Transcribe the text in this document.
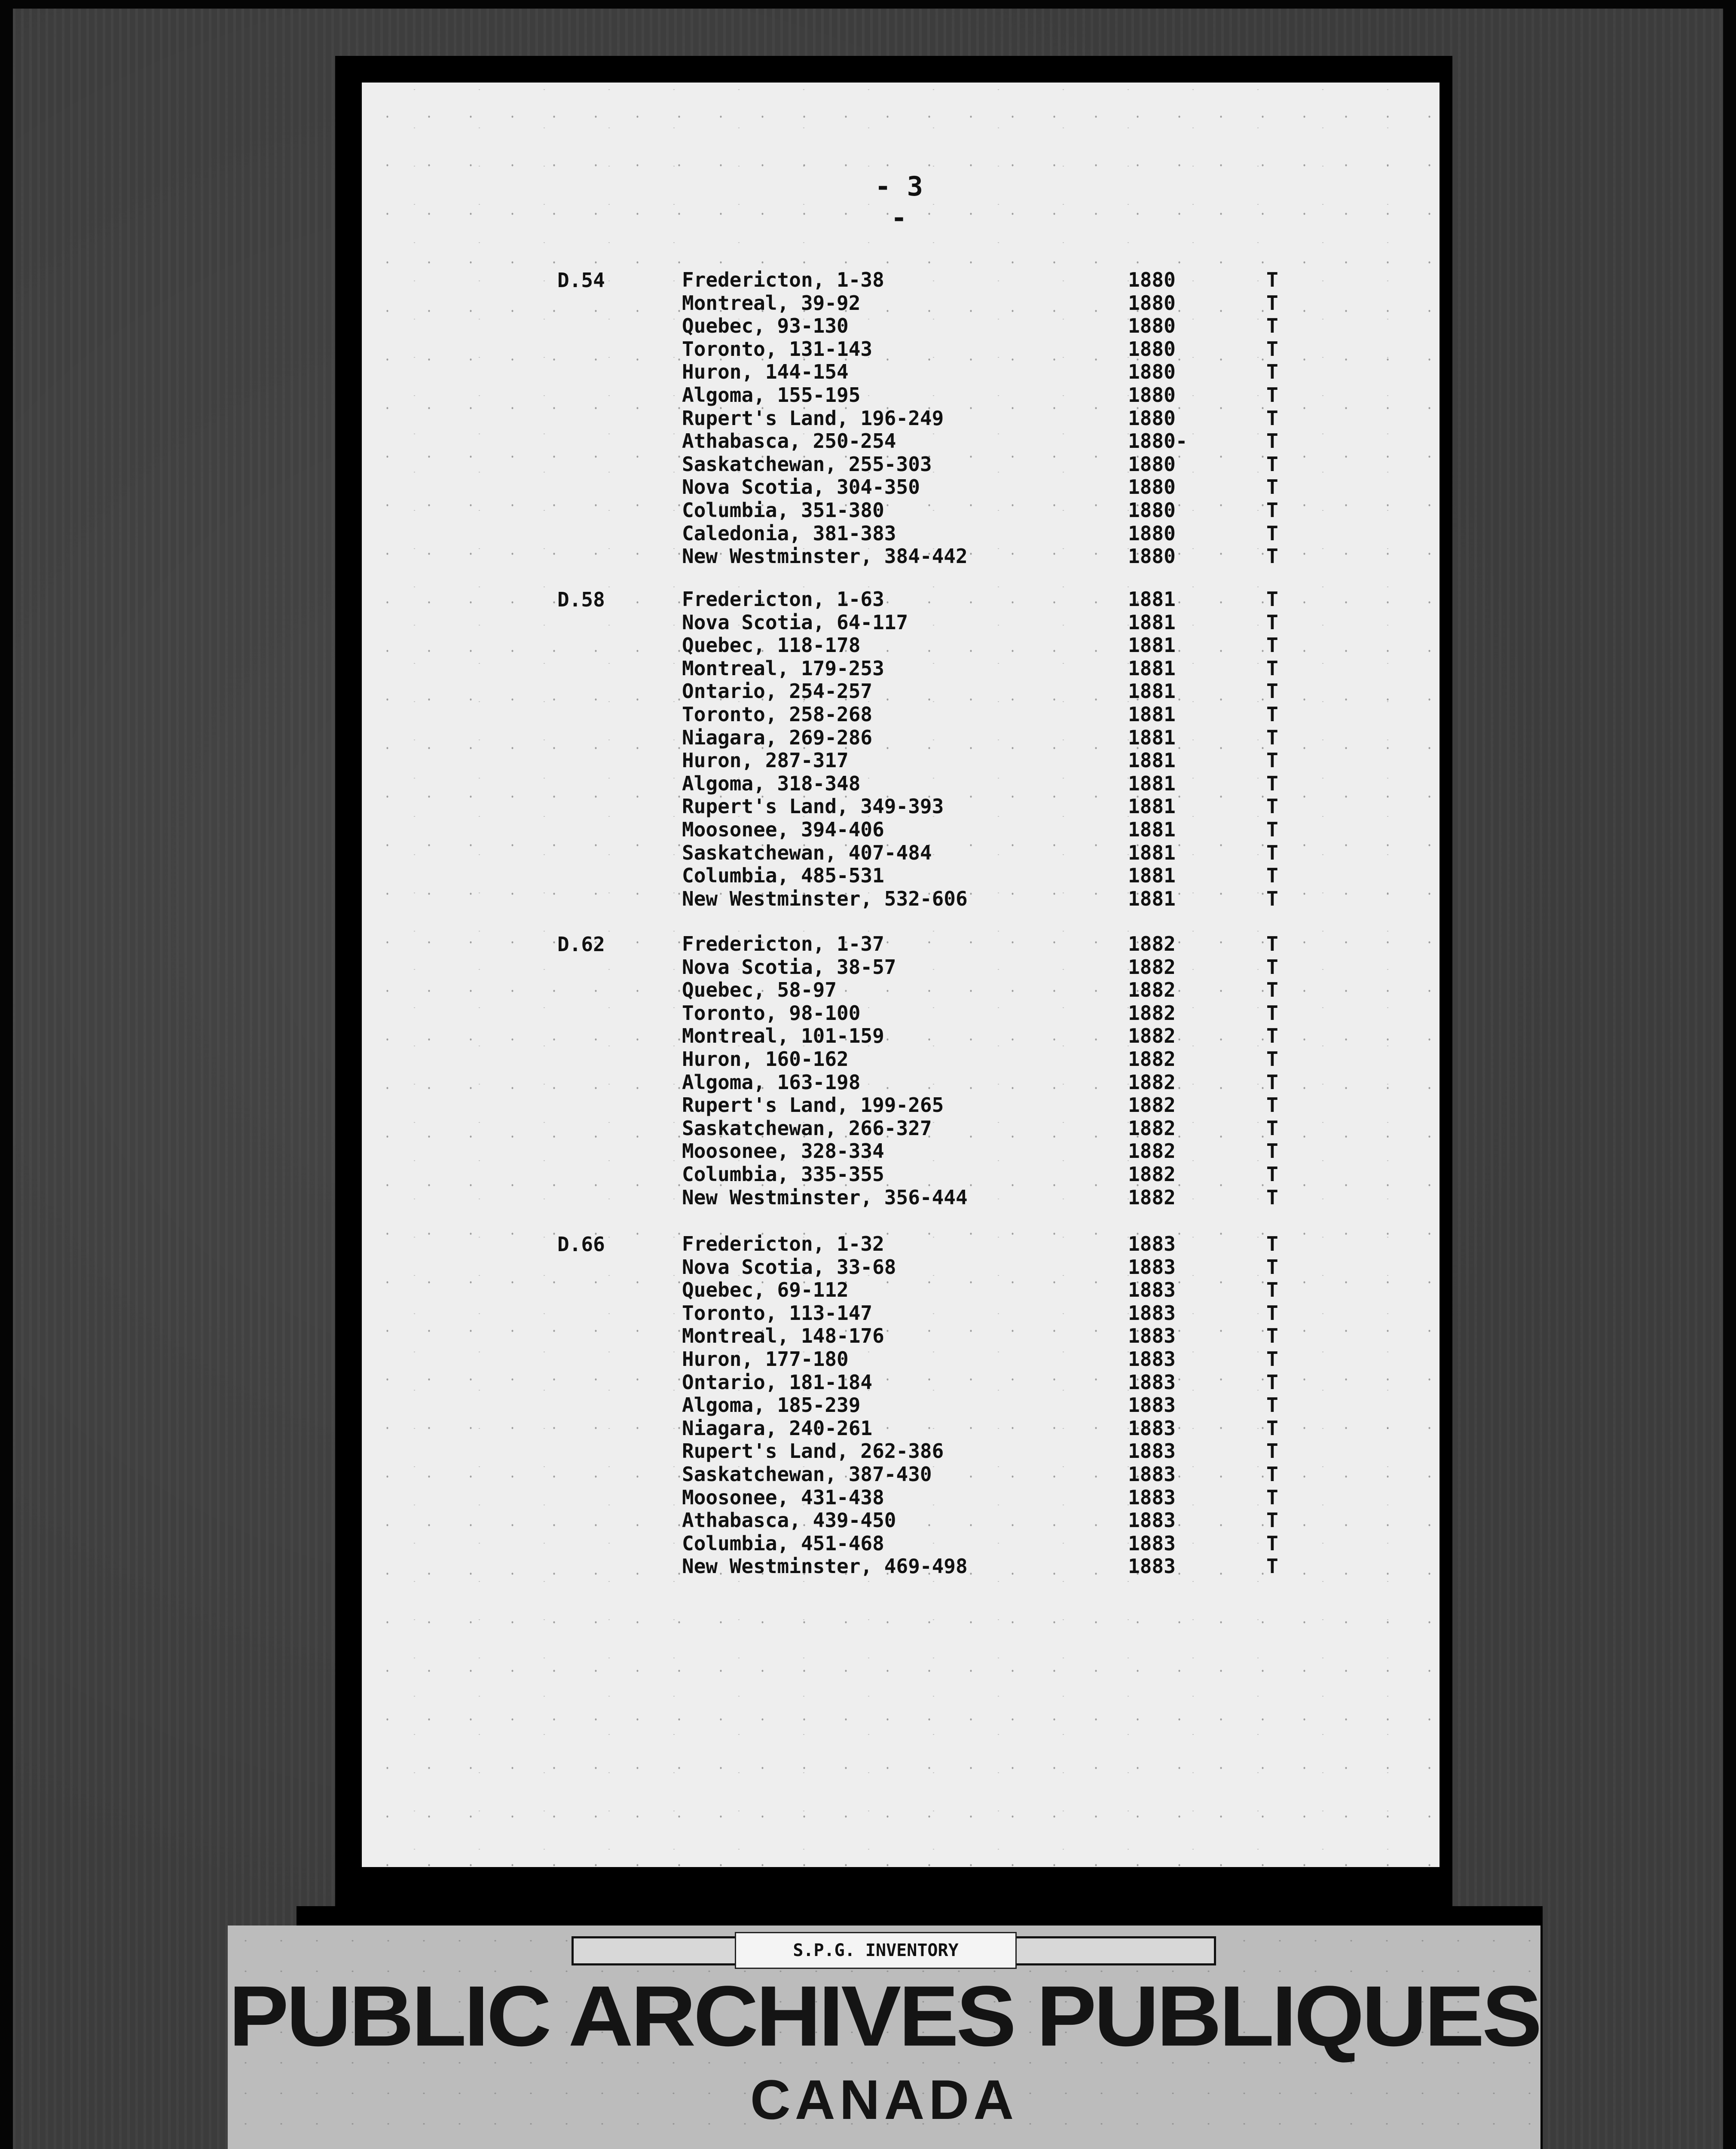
- 3 -
D.54	Fredericton, 1-38	1880	T
Montreal, 39-92	1880	T
Quebec, 93-130	1880	T
Toronto, 131-143	1880	T
Huron, 144-154	1880	T
Algoma, 155-195	1880	T
Rupert's Land, 196-249	1880	T
Athabasca, 250-254	1880-	T
Saskatchewan, 255-303	1880	T
Nova Scotia, 304-350	1880	T
Columbia, 351-380	1880	T
Caledonia, 381-383	1880	T
New Westminster, 384-442	1880	T
D.58	Fredericton, 1-63	1881	T
Nova Scotia, 64-117	1881	T
Quebec, 118-178	1881	T
Montreal, 179-253	1881	T
Ontario, 254-257	1881	T
Toronto, 258-268	1881	T
Niagara, 269-286	1881	T
Huron, 287-317	1881	T
Algoma, 318-348	1881	T
Rupert's Land, 349-393	1881	T
Moosonee, 394-406	1881	T
Saskatchewan, 407-484	1881	T
Columbia, 485-531	1881	T
New Westminster, 532-606	1881	T
D.62	Fredericton, 1-37	1882	T
Nova Scotia, 38-57	1882	T
Quebec, 58-97	1882	T
Toronto, 98-100	1882	T
Montreal, 101-159	1882	T
Huron, 160-162	1882	T
Algoma, 163-198	1882	T
Rupert's Land, 199-265	1882	T
Saskatchewan, 266-327	1882	T
Moosonee, 328-334	1882	T
Columbia, 335-355	1882	T
New Westminster, 356-444	1882	T
D.66	Fredericton, 1-32	1883	T
Nova Scotia, 33-68	1883	T
Quebec, 69-112	1883	T
Toronto, 113-147	1883	T
Montreal, 148-176	1883	T
Huron, 177-180	1883	T
Ontario, 181-184	1883	T
Algoma, 185-239	1883	T
Niagara, 240-261	1883	T
Rupert's Land, 262-386	1883	T
Saskatchewan, 387-430	1883	T
Moosonee, 431-438	1883	T
Athabasca, 439-450	1883	T
Columbia, 451-468	1883	T
New Westminster, 469-498	1883	T
S.P.G. INVENTORY
PUBLIC ARCHIVES PUBLIQUES
CANADA
